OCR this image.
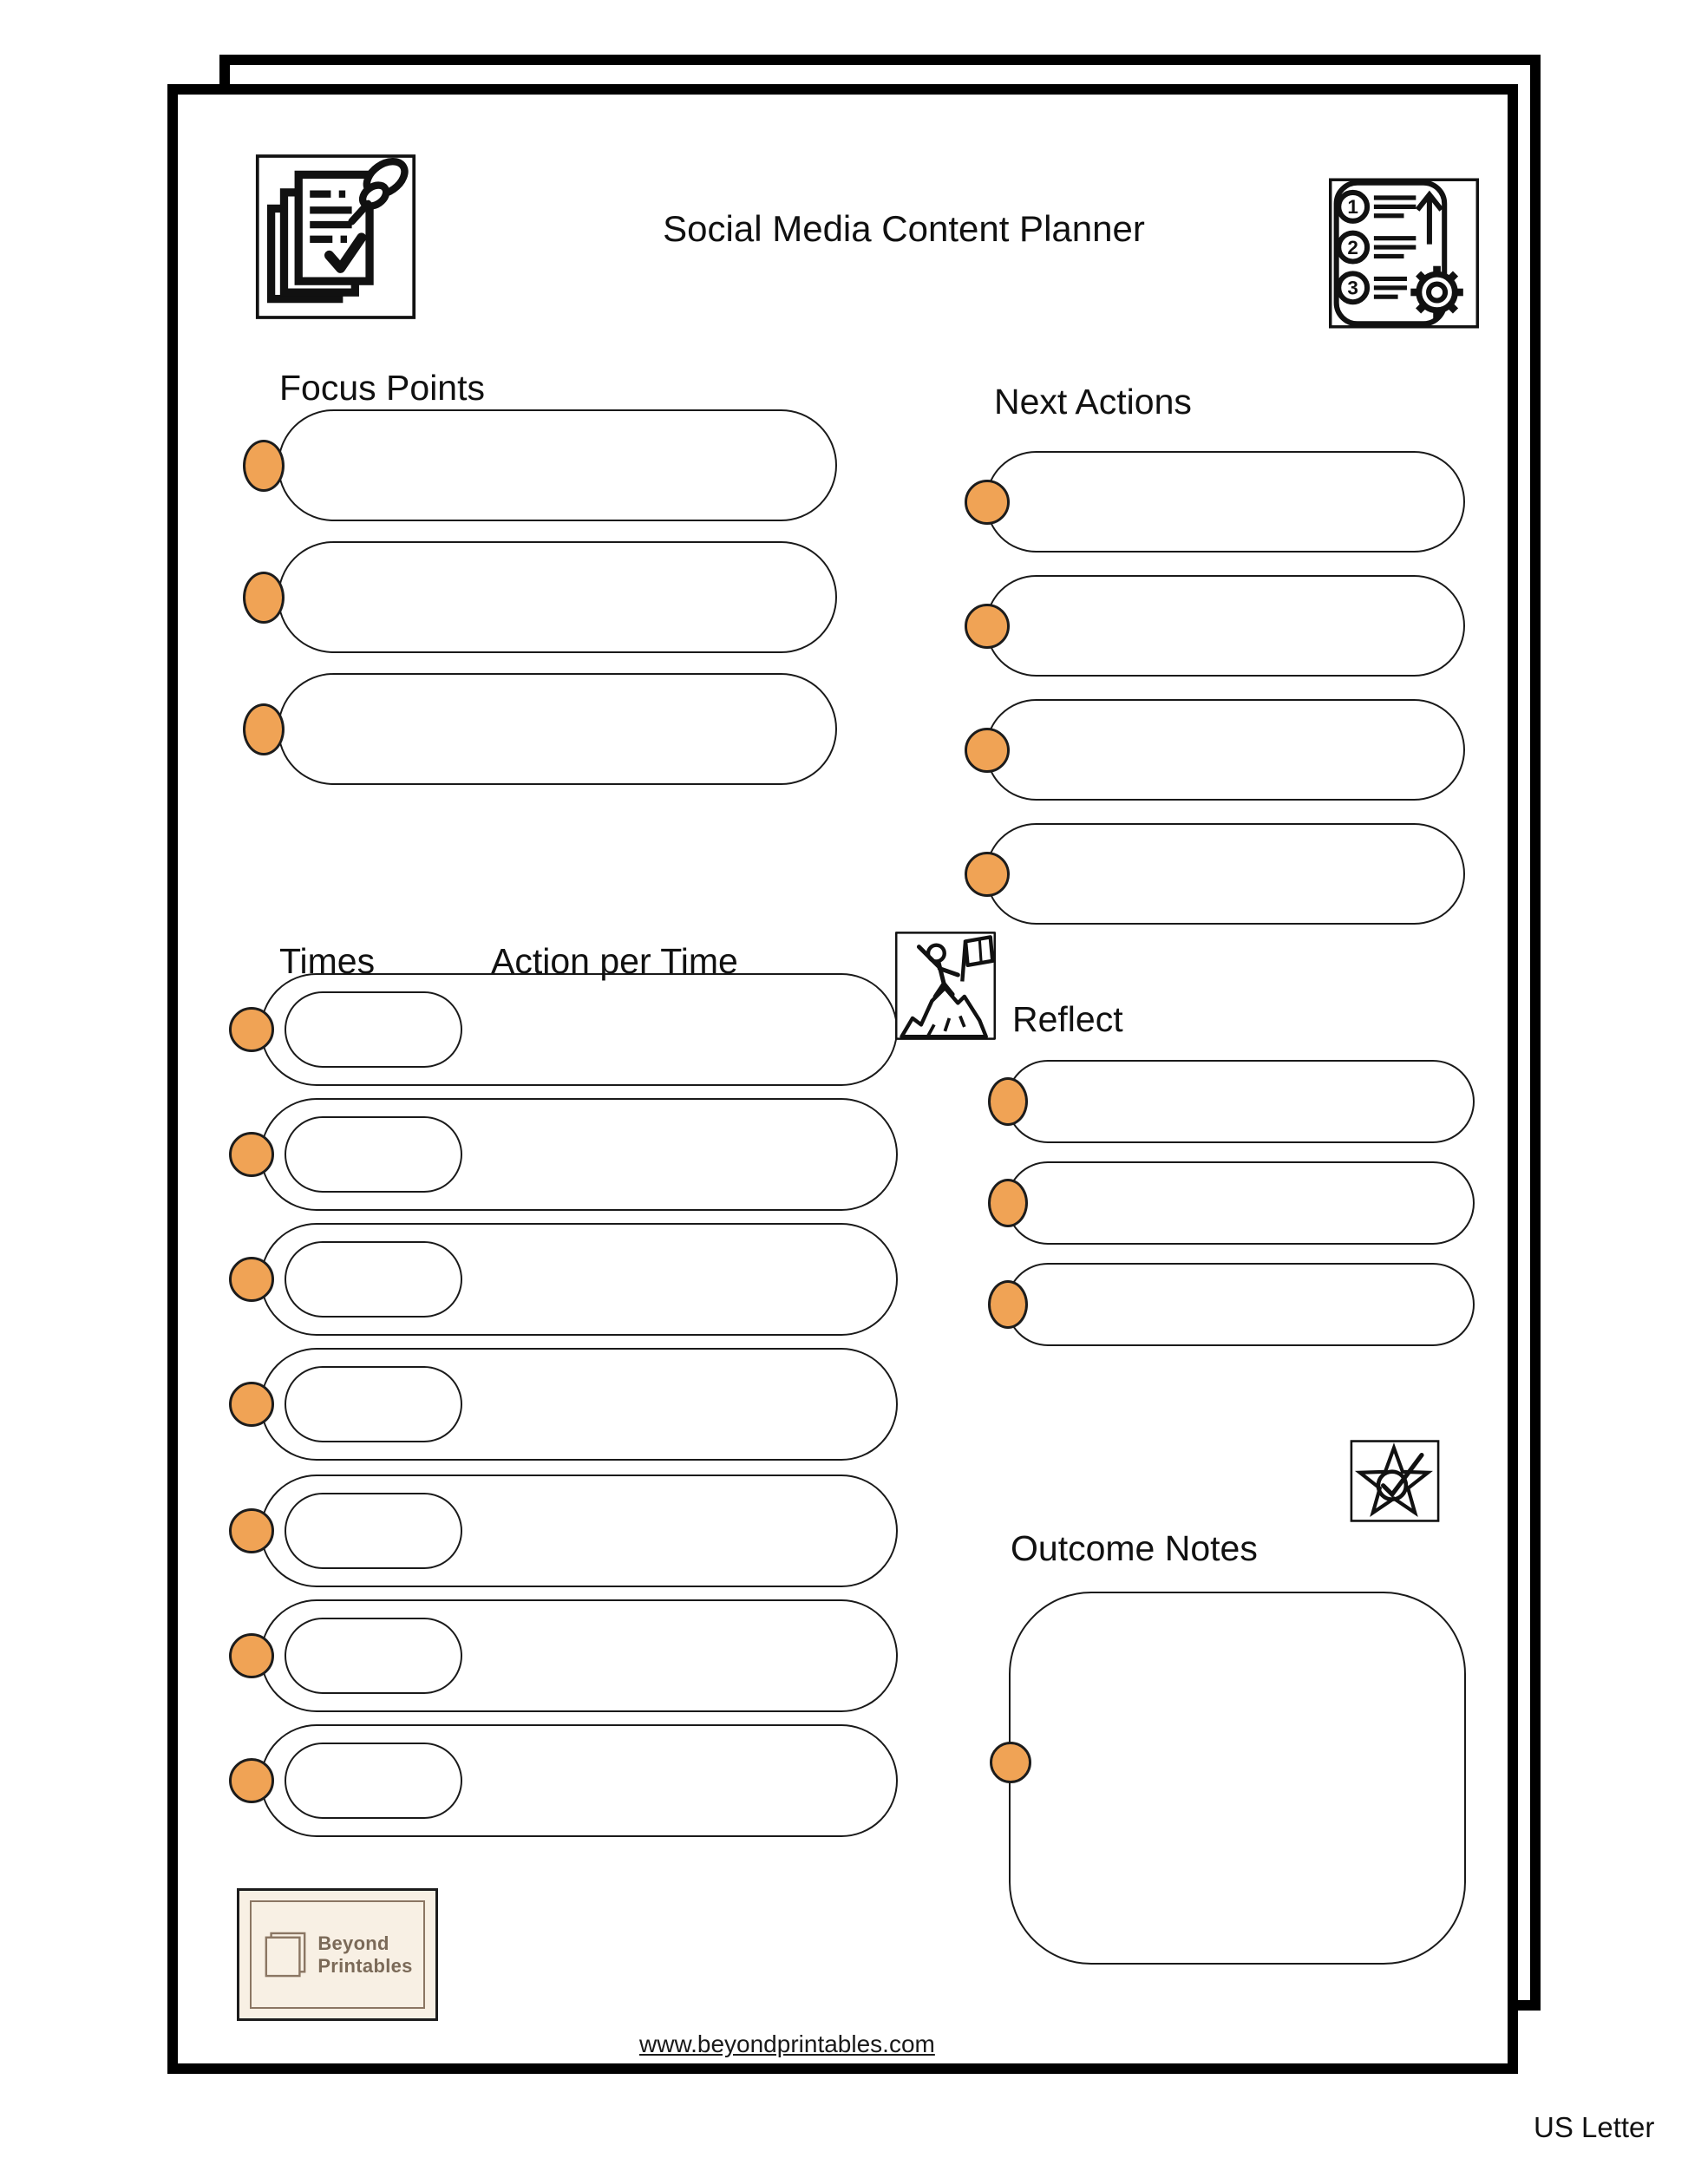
Social Media Content Planner
1
2
3
Focus Points	Next Actions
Times	Action per Time
Reflect
Outcome Notes
Beyond
Printables
www.beyondprintables.com
US Letter
